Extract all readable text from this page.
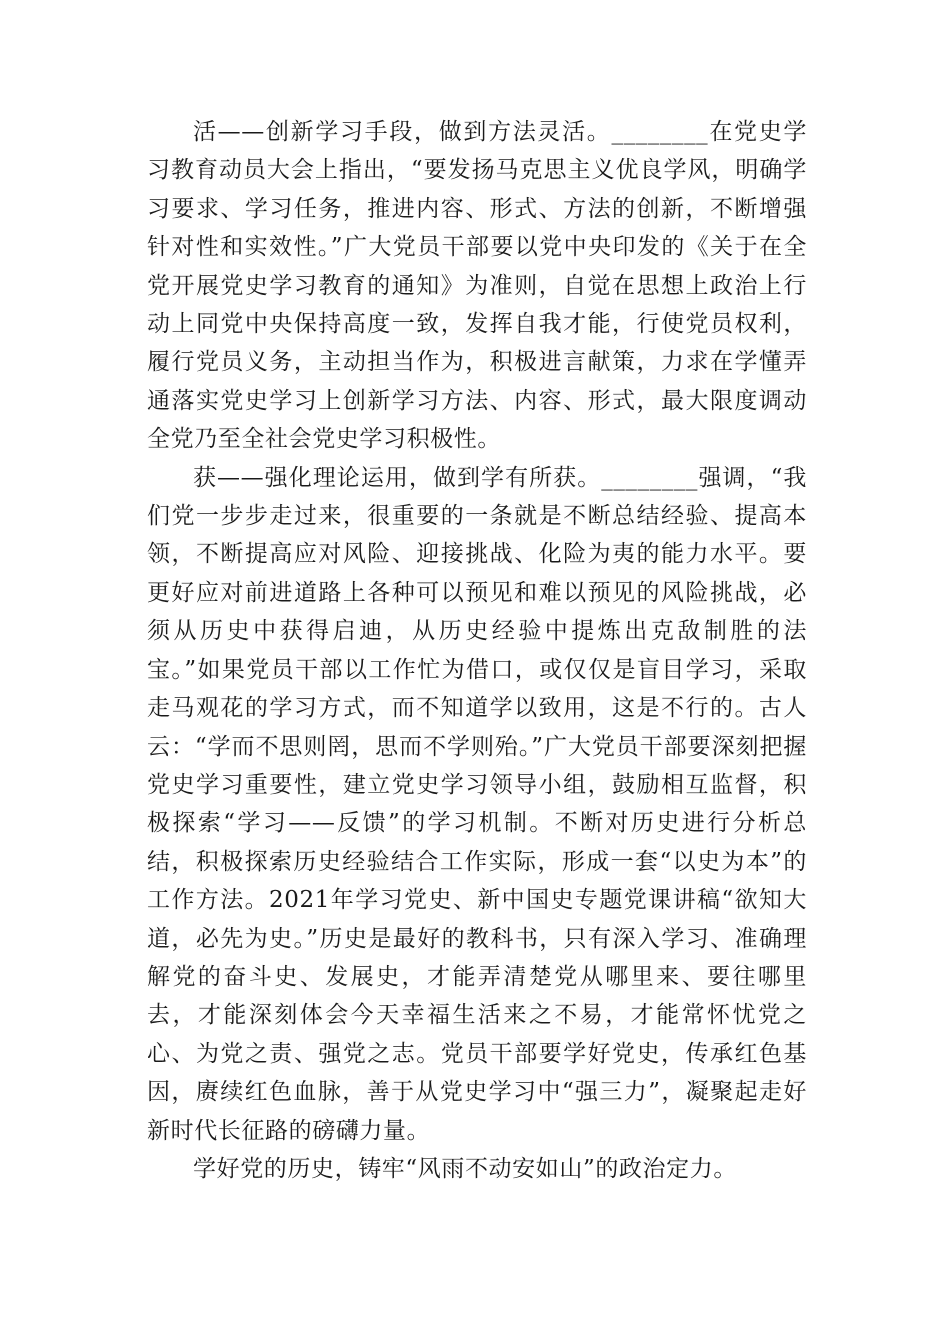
活——创新学习手段，做到方法灵活。________在党史学习教育动员大会上指出，“要发扬马克思主义优良学风，明确学习要求、学习任务，推进内容、形式、方法的创新，不断增强针对性和实效性。”广大党员干部要以党中央印发的《关于在全党开展党史学习教育的通知》为准则，自觉在思想上政治上行动上同党中央保持高度一致，发挥自我才能，行使党员权利，履行党员义务，主动担当作为，积极进言献策，力求在学懂弄通落实党史学习上创新学习方法、内容、形式，最大限度调动全党乃至全社会党史学习积极性。

获——强化理论运用，做到学有所获。________强调，“我们党一步步走过来，很重要的一条就是不断总结经验、提高本领，不断提高应对风险、迎接挑战、化险为夷的能力水平。要更好应对前进道路上各种可以预见和难以预见的风险挑战，必须从历史中获得启迪，从历史经验中提炼出克敌制胜的法宝。”如果党员干部以工作忙为借口，或仅仅是盲目学习，采取走马观花的学习方式，而不知道学以致用，这是不行的。古人云：“学而不思则罔，思而不学则殆。”广大党员干部要深刻把握党史学习重要性，建立党史学习领导小组，鼓励相互监督，积极探索“学习——反馈”的学习机制。不断对历史进行分析总结，积极探索历史经验结合工作实际，形成一套“以史为本”的工作方法。2021年学习党史、新中国史专题党课讲稿“欲知大道，必先为史。”历史是最好的教科书，只有深入学习、准确理解党的奋斗史、发展史，才能弄清楚党从哪里来、要往哪里去，才能深刻体会今天幸福生活来之不易，才能常怀忧党之心、为党之责、强党之志。党员干部要学好党史，传承红色基因，赓续红色血脉，善于从党史学习中“强三力”，凝聚起走好新时代长征路的磅礴力量。

学好党的历史，铸牢“风雨不动安如山”的政治定力。
